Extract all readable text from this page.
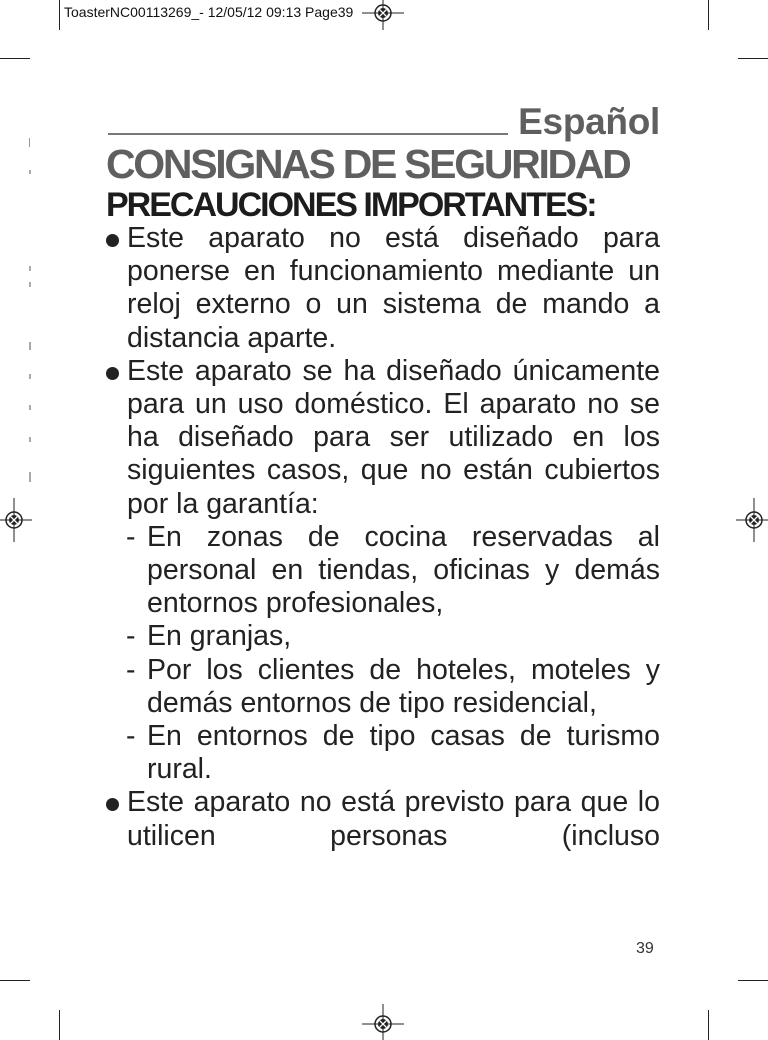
ToasterNC00113269_- 12/05/12 09:13 Page39
Español
CONSIGNAS DE SEGURIDAD
PRECAUCIONES IMPORTANTES:
Este aparato no está diseñado para ponerse en funcionamiento mediante un reloj externo o un sistema de mando a distancia aparte.
Este aparato se ha diseñado únicamente para un uso doméstico. El aparato no se ha diseñado para ser utilizado en los siguientes casos, que no están cubiertos por la garantía:
- En zonas de cocina reservadas al personal en tiendas, oficinas y demás entornos profesionales,
- En granjas,
- Por los clientes de hoteles, moteles y demás entornos de tipo residencial,
- En entornos de tipo casas de turismo rural.
Este aparato no está previsto para que lo utilicen personas (incluso
39
